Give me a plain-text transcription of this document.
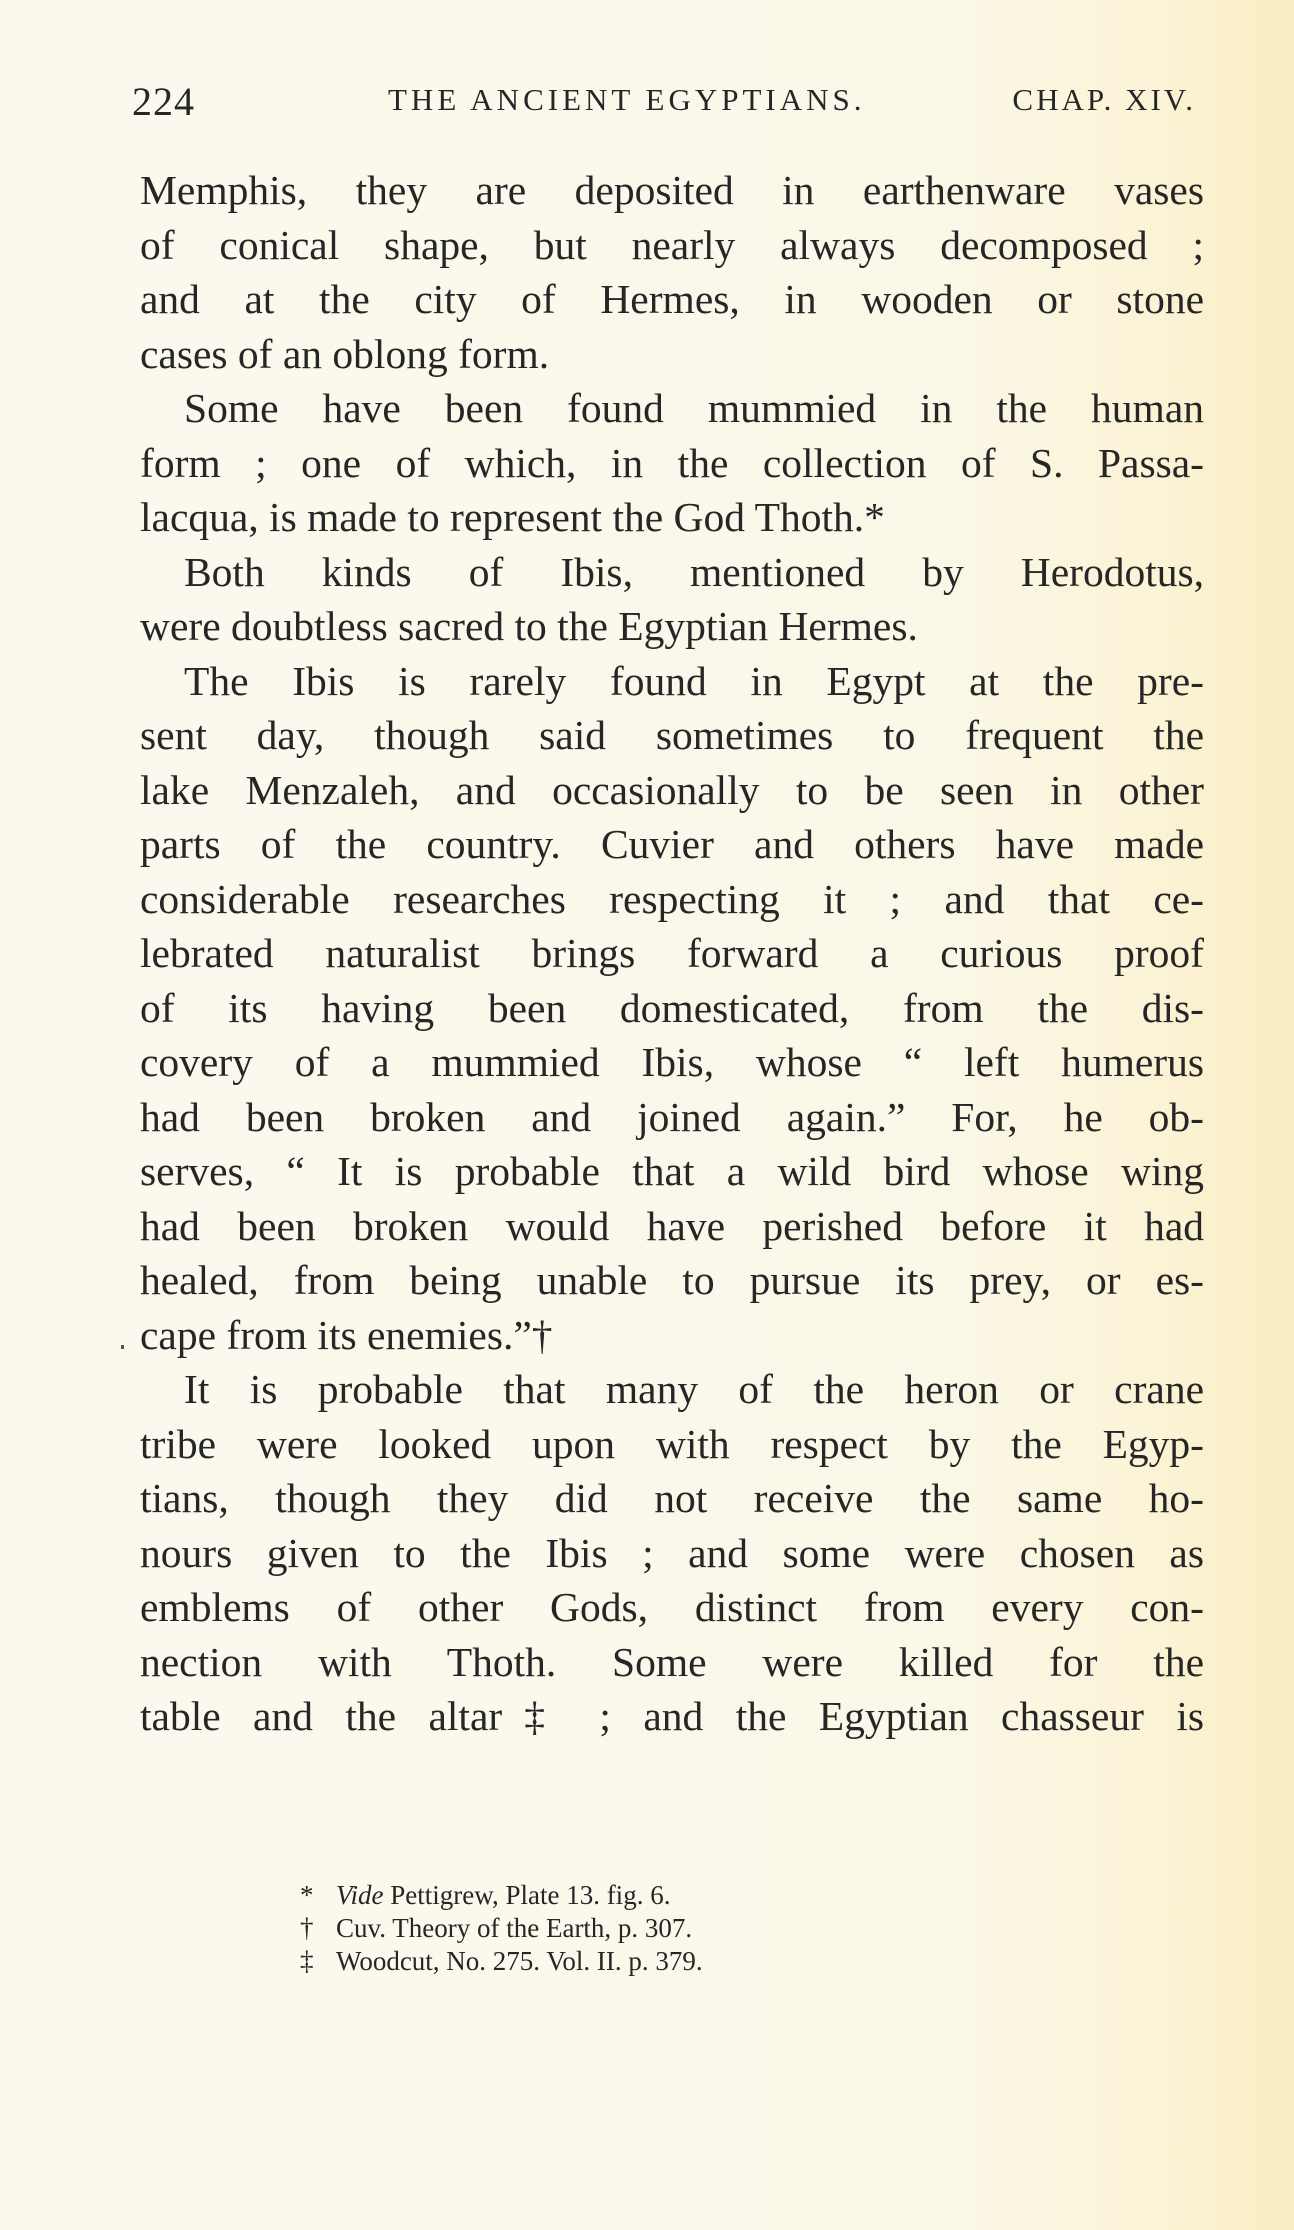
224	THE ANCIENT EGYPTIANS.	CHAP. XIV.
Memphis, they are deposited in earthenware vases
of conical shape, but nearly always decomposed ;
and at the city of Hermes, in wooden or stone
cases of an oblong form.
Some have been found mummied in the human
form ; one of which, in the collection of S. Passa-
lacqua, is made to represent the God Thoth.*
Both kinds of Ibis, mentioned by Herodotus,
were doubtless sacred to the Egyptian Hermes.
The Ibis is rarely found in Egypt at the pre-
sent day, though said sometimes to frequent the
lake Menzaleh, and occasionally to be seen in other
parts of the country. Cuvier and others have made
considerable researches respecting it ; and that ce-
lebrated naturalist brings forward a curious proof
of its having been domesticated, from the dis-
covery of a mummied Ibis, whose “ left humerus
had been broken and joined again.” For, he ob-
serves, “ It is probable that a wild bird whose wing
had been broken would have perished before it had
healed, from being unable to pursue its prey, or es-
cape from its enemies.”†
It is probable that many of the heron or crane
tribe were looked upon with respect by the Egyp-
tians, though they did not receive the same ho-
nours given to the Ibis ; and some were chosen as
emblems of other Gods, distinct from every con-
nection with Thoth. Some were killed for the
table and the altar‡ ; and the Egyptian chasseur is
* Vide Pettigrew, Plate 13. fig. 6.
† Cuv. Theory of the Earth, p. 307.
‡ Woodcut, No. 275. Vol. II. p. 379.
